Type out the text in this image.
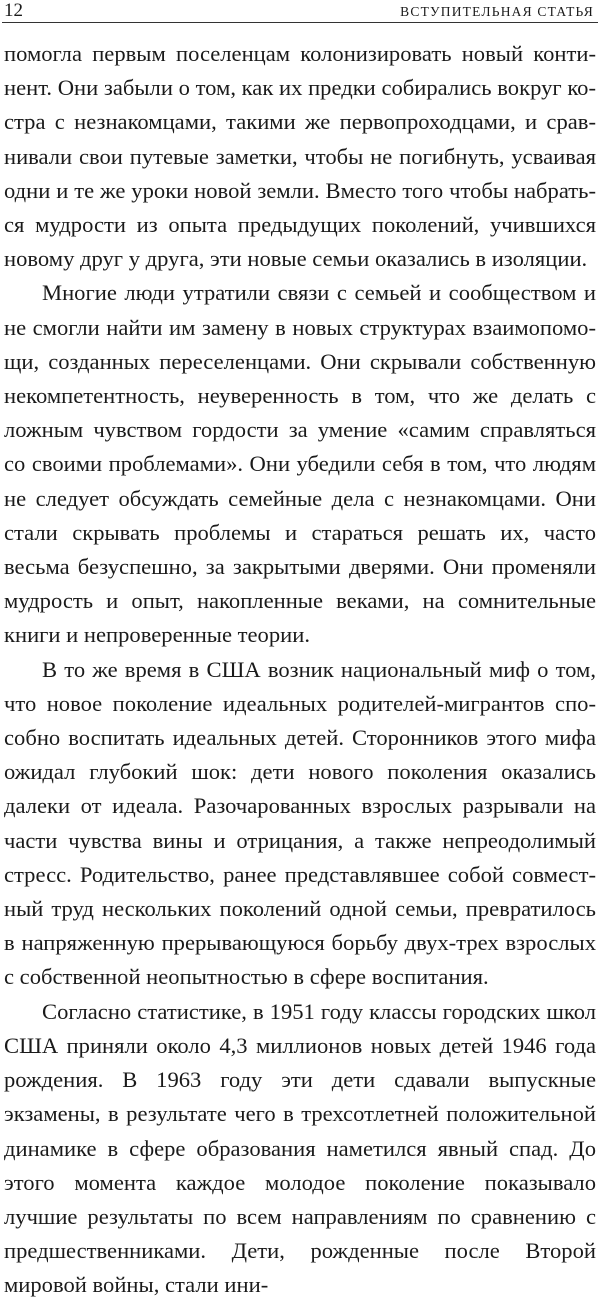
12	ВСТУПИТЕЛЬНАЯ СТАТЬЯ

помогла первым поселенцам колонизировать новый континент. Они забыли о том, как их предки собирались вокруг костра с незнакомцами, такими же первопроходцами, и сравнивали свои путевые заметки, чтобы не погибнуть, усваивая одни и те же уроки новой земли. Вместо того чтобы набраться мудрости из опыта предыдущих поколений, учившихся новому друг у друга, эти новые семьи оказались в изоляции.

Многие люди утратили связи с семьей и сообществом и не смогли найти им замену в новых структурах взаимопомощи, созданных переселенцами. Они скрывали собственную некомпетентность, неуверенность в том, что же делать с ложным чувством гордости за умение «самим справляться со своими проблемами». Они убедили себя в том, что людям не следует обсуждать семейные дела с незнакомцами. Они стали скрывать проблемы и стараться решать их, часто весьма безуспешно, за закрытыми дверями. Они променяли мудрость и опыт, накопленные веками, на сомнительные книги и непроверенные теории.

В то же время в США возник национальный миф о том, что новое поколение идеальных родителей-мигрантов способно воспитать идеальных детей. Сторонников этого мифа ожидал глубокий шок: дети нового поколения оказались далеки от идеала. Разочарованных взрослых разрывали на части чувства вины и отрицания, а также непреодолимый стресс. Родительство, ранее представлявшее собой совместный труд нескольких поколений одной семьи, превратилось в напряженную прерывающуюся борьбу двух-трех взрослых с собственной неопытностью в сфере воспитания.

Согласно статистике, в 1951 году классы городских школ США приняли около 4,3 миллионов новых детей 1946 года рождения. В 1963 году эти дети сдавали выпускные экзамены, в результате чего в трехсотлетней положительной динамике в сфере образования наметился явный спад. До этого момента каждое молодое поколение показывало лучшие результаты по всем направлениям по сравнению с предшественниками. Дети, рожденные после Второй мировой войны, стали ини-
